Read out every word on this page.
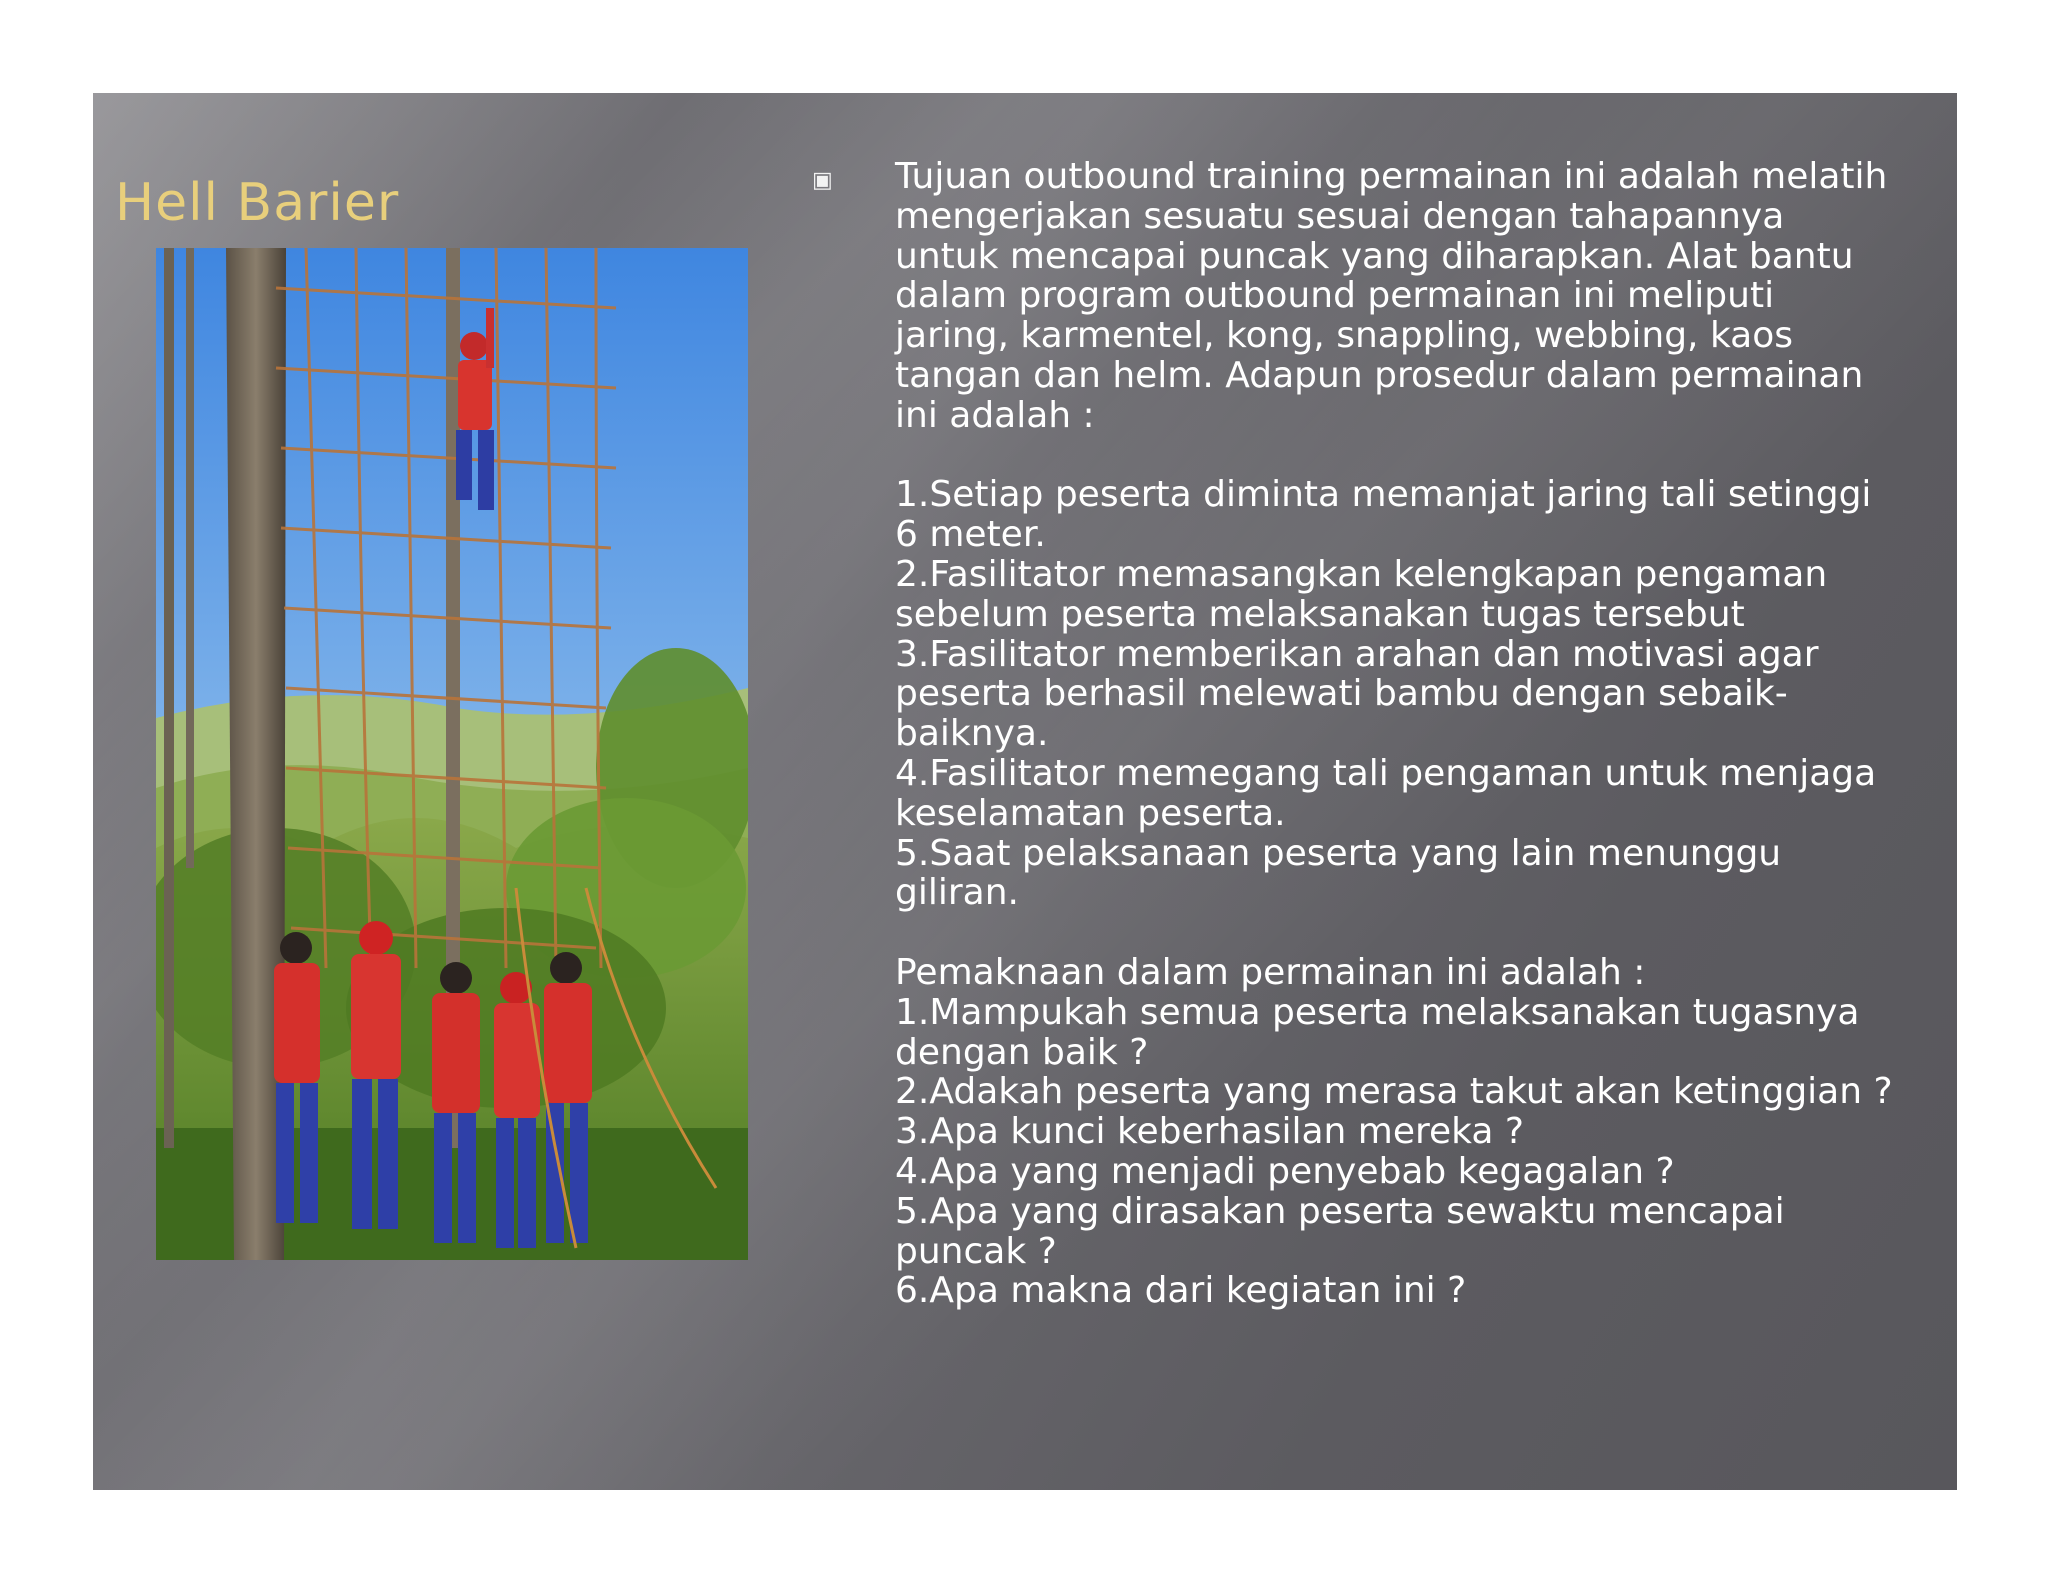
Hell Barier	▣ Tujuan outbound training permainan ini adalah melatih mengerjakan sesuatu sesuai dengan tahapannya untuk mencapai puncak yang diharapkan. Alat bantu dalam program outbound permainan ini meliputi jaring, karmentel, kong, snappling, webbing, kaos tangan dan helm. Adapun prosedur dalam permainan ini adalah :

1.Setiap peserta diminta memanjat jaring tali setinggi 6 meter.

2.Fasilitator memasangkan kelengkapan pengaman sebelum peserta melaksanakan tugas tersebut

3.Fasilitator memberikan arahan dan motivasi agar peserta berhasil melewati bambu dengan sebaik-baiknya.

4.Fasilitator memegang tali pengaman untuk menjaga keselamatan peserta.

5.Saat pelaksanaan peserta yang lain menunggu giliran.

Pemaknaan dalam permainan ini adalah :

1.Mampukah semua peserta melaksanakan tugasnya dengan baik ?

2.Adakah peserta yang merasa takut akan ketinggian ?

3.Apa kunci keberhasilan mereka ?

4.Apa yang menjadi penyebab kegagalan ?

5.Apa yang dirasakan peserta sewaktu mencapai puncak ?

6.Apa makna dari kegiatan ini ?
